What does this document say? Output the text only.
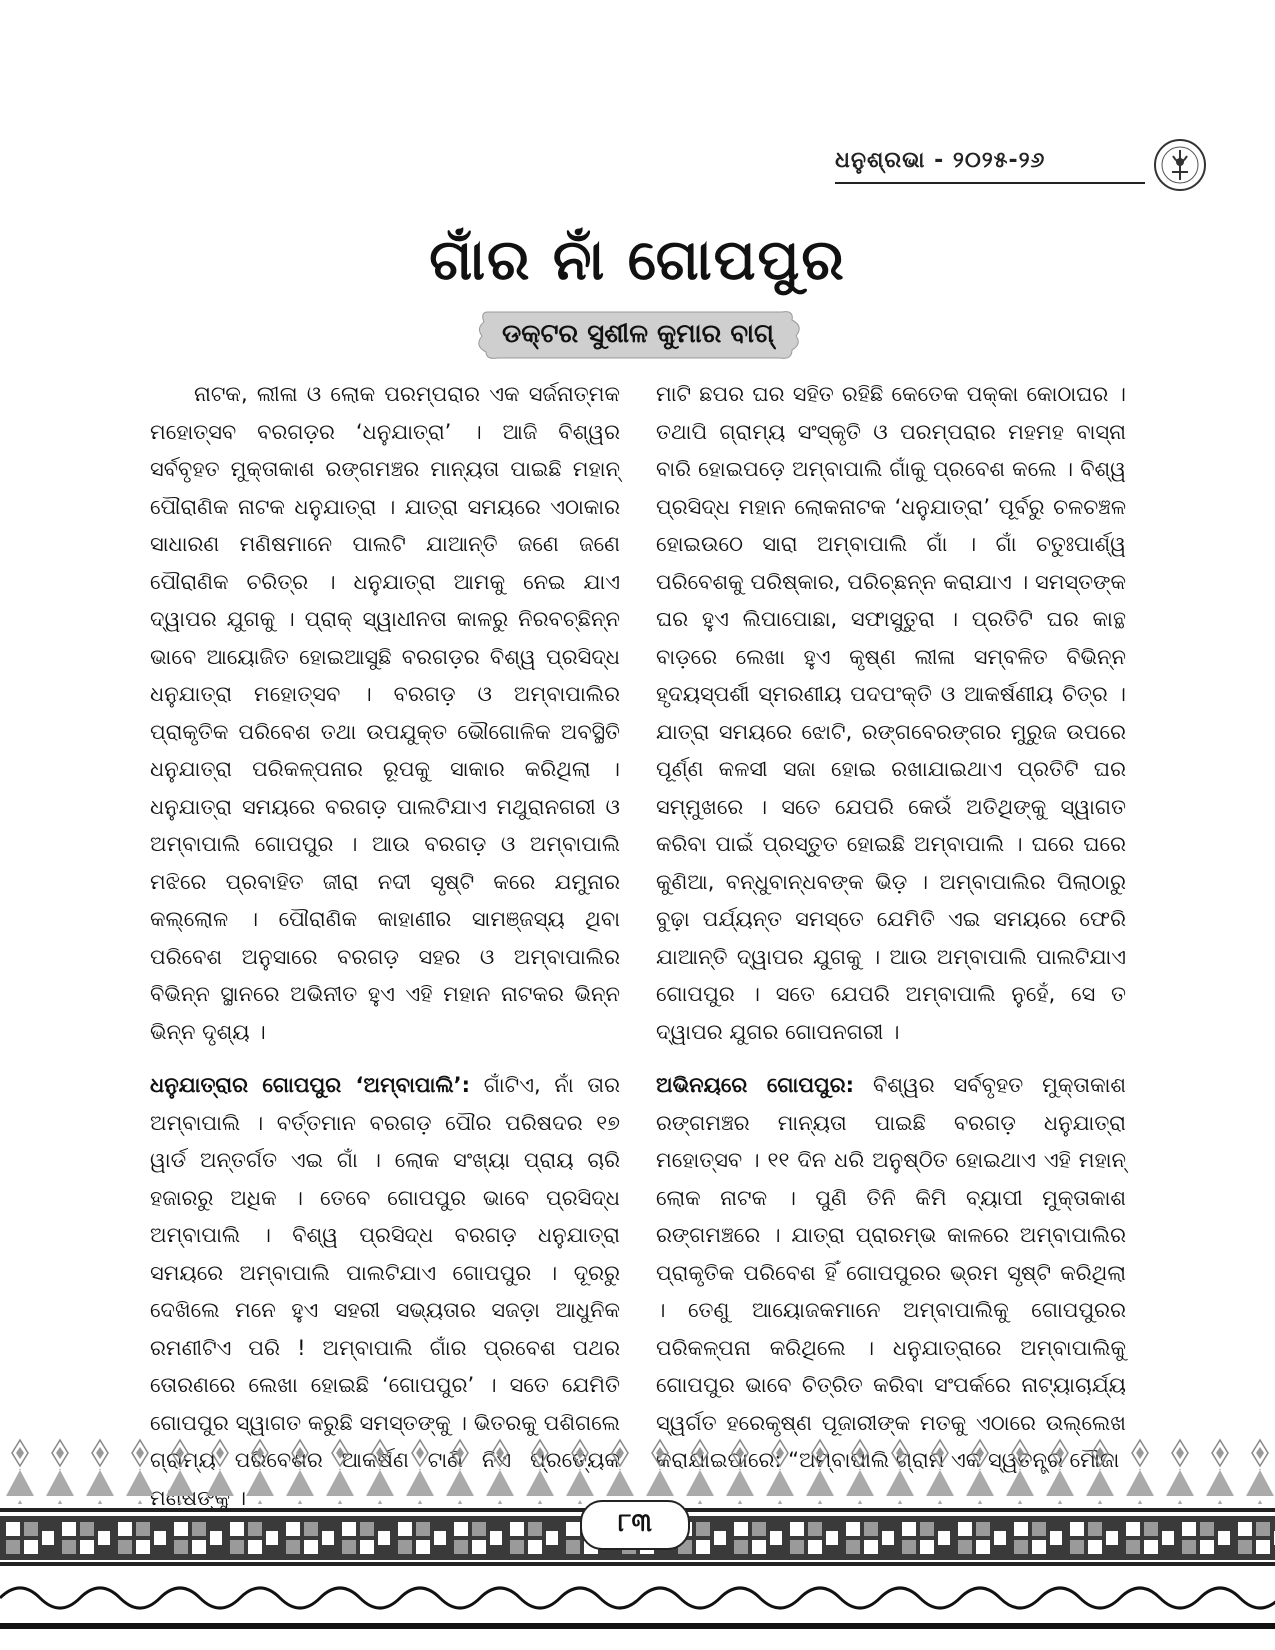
ଧନୁଶ୍ରଭା - ୨୦୨୫-୨୬
ଗାଁର ନାଁ ଗୋପପୁର
ଡକ୍ଟର ସୁଶୀଳ କୁମାର ବାଗ୍

ନାଟକ, ଲୀଳା ଓ ଲୋକ ପରମ୍ପରାର ଏକ ସର୍ଜନାତ୍ମକ ମହୋତ୍ସବ ବରଗଡ଼ର ‘ଧନୁଯାତ୍ରା’ । ଆଜି ବିଶ୍ୱର ସର୍ବବୃହତ ମୁକ୍ତାକାଶ ରଙ୍ଗମଞ୍ଚର ମାନ୍ୟତା ପାଇଛି ମହାନ୍ ପୌରାଣିକ ନାଟକ ଧନୁଯାତ୍ରା । ଯାତ୍ରା ସମୟରେ ଏଠାକାର ସାଧାରଣ ମଣିଷମାନେ ପାଲଟି ଯାଆନ୍ତି ଜଣେ ଜଣେ ପୌରାଣିକ ଚରିତ୍ର । ଧନୁଯାତ୍ରା ଆମକୁ ନେଇ ଯାଏ ଦ୍ୱାପର ଯୁଗକୁ । ପ୍ରାକ୍ ସ୍ୱାଧୀନତା କାଳରୁ ନିରବଚ୍ଛିନ୍ନ ଭାବେ ଆୟୋଜିତ ହୋଇଆସୁଛି ବରଗଡ଼ର ବିଶ୍ୱ ପ୍ରସିଦ୍ଧ ଧନୁଯାତ୍ରା ମହୋତ୍ସବ । ବରଗଡ଼ ଓ ଅମ୍ବାପାଲିର ପ୍ରାକୃତିକ ପରିବେଶ ତଥା ଉପଯୁକ୍ତ ଭୌଗୋଳିକ ଅବସ୍ଥିତି ଧନୁଯାତ୍ରା ପରିକଳ୍ପନାର ରୂପକୁ ସାକାର କରିଥିଲା । ଧନୁଯାତ୍ରା ସମୟରେ ବରଗଡ଼ ପାଲଟିଯାଏ ମଥୁରାନଗରୀ ଓ ଅମ୍ବାପାଲି ଗୋପପୁର । ଆଉ ବରଗଡ଼ ଓ ଅମ୍ବାପାଲି ମଝିରେ ପ୍ରବାହିତ ଜୀରା ନଦୀ ସୃଷ୍ଟି କରେ ଯମୁନାର କଲ୍ଲୋଳ । ପୌରାଣିକ କାହାଣୀର ସାମଞ୍ଜସ୍ୟ ଥିବା ପରିବେଶ ଅନୁସାରେ ବରଗଡ଼ ସହର ଓ ଅମ୍ବାପାଲିର ବିଭିନ୍ନ ସ୍ଥାନରେ ଅଭିନୀତ ହୁଏ ଏହି ମହାନ ନାଟକର ଭିନ୍ନ ଭିନ୍ନ ଦୃଶ୍ୟ ।

ଧନୁଯାତ୍ରାର ଗୋପପୁର ‘ଅମ୍ବାପାଲି’: ଗାଁଟିଏ, ନାଁ ତାର ଅମ୍ବାପାଲି । ବର୍ତ୍ତମାନ ବରଗଡ଼ ପୌର ପରିଷଦର ୧୭ ୱାର୍ଡ ଅନ୍ତର୍ଗତ ଏଇ ଗାଁ । ଲୋକ ସଂଖ୍ୟା ପ୍ରାୟ ଚାରି ହଜାରରୁ ଅଧିକ । ତେବେ ଗୋପପୁର ଭାବେ ପ୍ରସିଦ୍ଧ ଅମ୍ବାପାଲି । ବିଶ୍ୱ ପ୍ରସିଦ୍ଧ ବରଗଡ଼ ଧନୁଯାତ୍ରା ସମୟରେ ଅମ୍ବାପାଲି ପାଲଟିଯାଏ ଗୋପପୁର । ଦୂରରୁ ଦେଖିଲେ ମନେ ହୁଏ ସହରୀ ସଭ୍ୟତାର ସଜଡ଼ା ଆଧୁନିକ ରମଣୀଟିଏ ପରି ! ଅମ୍ବାପାଲି ଗାଁର ପ୍ରବେଶ ପଥର ତୋରଣରେ ଲେଖା ହୋଇଛି ‘ଗୋପପୁର’ । ସତେ ଯେମିତି ଗୋପପୁର ସ୍ୱାଗତ କରୁଛି ସମସ୍ତଙ୍କୁ । ଭିତରକୁ ପଶିଗଲେ

ମାଟି ଛପର ଘର ସହିତ ରହିଛି କେତେକ ପକ୍କା କୋଠାଘର । ତଥାପି ଗ୍ରାମ୍ୟ ସଂସ୍କୃତି ଓ ପରମ୍ପରାର ମହମହ ବାସ୍ନା ବାରି ହୋଇପଡ଼େ ଅମ୍ବାପାଲି ଗାଁକୁ ପ୍ରବେଶ କଲେ । ବିଶ୍ୱ ପ୍ରସିଦ୍ଧ ମହାନ ଲୋକନାଟକ ‘ଧନୁଯାତ୍ରା’ ପୂର୍ବରୁ ଚଳଚଞ୍ଚଳ ହୋଇଉଠେ ସାରା ଅମ୍ବାପାଲି ଗାଁ । ଗାଁ ଚତୁଃପାର୍ଶ୍ୱ ପରିବେଶକୁ ପରିଷ୍କାର, ପରିଚ୍ଛନ୍ନ କରାଯାଏ । ସମସ୍ତଙ୍କ ଘର ହୁଏ ଲିପାପୋଛା, ସଫାସୁତୁରା । ପ୍ରତିଟି ଘର କାନ୍ଥ ବାଡ଼ରେ ଲେଖା ହୁଏ କୃଷ୍ଣ ଲୀଳା ସମ୍ବଳିତ ବିଭିନ୍ନ ହୃଦୟସ୍ପର୍ଶୀ ସ୍ମରଣୀୟ ପଦପଂକ୍ତି ଓ ଆକର୍ଷଣୀୟ ଚିତ୍ର । ଯାତ୍ରା ସମୟରେ ଝୋଟି, ରଙ୍ଗବେରଙ୍ଗର ମୁରୁଜ ଉପରେ ପୂର୍ଣ୍ଣ କଳସୀ ସଜା ହୋଇ ରଖାଯାଇଥାଏ ପ୍ରତିଟି ଘର ସମ୍ମୁଖରେ । ସତେ ଯେପରି କେଉଁ ଅତିଥିଙ୍କୁ ସ୍ୱାଗତ କରିବା ପାଇଁ ପ୍ରସ୍ତୁତ ହୋଇଛି ଅମ୍ବାପାଲି । ଘରେ ଘରେ କୁଣିଆ, ବନ୍ଧୁବାନ୍ଧବଙ୍କ ଭିଡ଼ । ଅମ୍ବାପାଲିର ପିଲାଠାରୁ ବୁଢ଼ା ପର୍ଯ୍ୟନ୍ତ ସମସ୍ତେ ଯେମିତି ଏଇ ସମୟରେ ଫେରି ଯାଆନ୍ତି ଦ୍ୱାପର ଯୁଗକୁ । ଆଉ ଅମ୍ବାପାଲି ପାଲଟିଯାଏ ଗୋପପୁର । ସତେ ଯେପରି ଅମ୍ବାପାଲି ନୁହେଁ, ସେ ତ ଦ୍ୱାପର ଯୁଗର ଗୋପନଗରୀ ।

ଅଭିନୟରେ ଗୋପପୁର: ବିଶ୍ୱର ସର୍ବବୃହତ ମୁକ୍ତାକାଶ ରଙ୍ଗମଞ୍ଚର ମାନ୍ୟତା ପାଇଛି ବରଗଡ଼ ଧନୁଯାତ୍ରା ମହୋତ୍ସବ । ୧୧ ଦିନ ଧରି ଅନୁଷ୍ଠିତ ହୋଇଥାଏ ଏହି ମହାନ୍ ଲୋକ ନାଟକ । ପୁଣି ତିନି କିମି ବ୍ୟାପୀ ମୁକ୍ତାକାଶ ରଙ୍ଗମଞ୍ଚରେ । ଯାତ୍ରା ପ୍ରାରମ୍ଭ କାଳରେ ଅମ୍ବାପାଲିର ପ୍ରାକୃତିକ ପରିବେଶ ହିଁ ଗୋପପୁରର ଭ୍ରମ ସୃଷ୍ଟି କରିଥିଲା । ତେଣୁ ଆୟୋଜକମାନେ ଅମ୍ବାପାଲିକୁ ଗୋପପୁରର ପରିକଳ୍ପନା କରିଥିଲେ । ଧନୁଯାତ୍ରାରେ ଅମ୍ବାପାଲିକୁ ଗୋପପୁର ଭାବେ ଚିତ୍ରିତ କରିବା ସଂପର୍କରେ ନାଟ୍ୟାଚାର୍ଯ୍ୟ ସ୍ୱର୍ଗତ ହରେକୃଷ୍ଣ ପୂଜାରୀଙ୍କ ମତକୁ ଏଠାରେ ଉଲ୍ଲେଖ

୮୩
